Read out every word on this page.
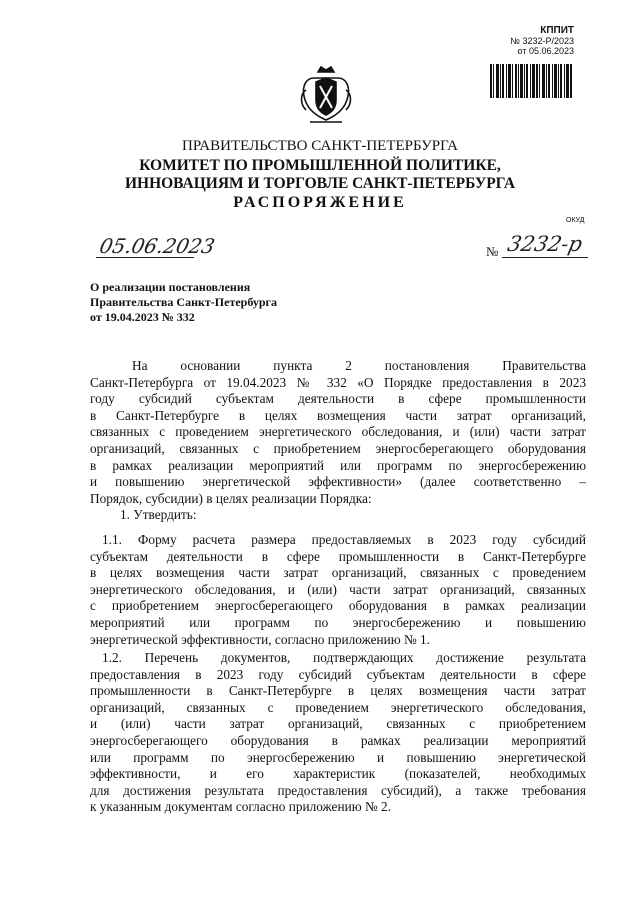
КППИТ
№ 3232-Р/2023
от 05.06.2023
ПРАВИТЕЛЬСТВО САНКТ-ПЕТЕРБУРГА
КОМИТЕТ ПО ПРОМЫШЛЕННОЙ ПОЛИТИКЕ,
ИННОВАЦИЯМ И ТОРГОВЛЕ САНКТ-ПЕТЕРБУРГА
РАСПОРЯЖЕНИЕ
ОКУД
05.06.2023	№ 3232-р
О реализации постановления
Правительства Санкт-Петербурга
от 19.04.2023 № 332
На основании пункта 2 постановления Правительства
Санкт-Петербурга от 19.04.2023 № 332 «О Порядке предоставления в 2023
году субсидий субъектам деятельности в сфере промышленности
в Санкт-Петербурге в целях возмещения части затрат организаций,
связанных с проведением энергетического обследования, и (или) части затрат
организаций, связанных с приобретением энергосберегающего оборудования
в рамках реализации мероприятий или программ по энергосбережению
и повышению энергетической эффективности» (далее соответственно –
Порядок, субсидии) в целях реализации Порядка:
1. Утвердить:
1.1. Форму расчета размера предоставляемых в 2023 году субсидий
субъектам деятельности в сфере промышленности в Санкт-Петербурге
в целях возмещения части затрат организаций, связанных с проведением
энергетического обследования, и (или) части затрат организаций, связанных
с приобретением энергосберегающего оборудования в рамках реализации
мероприятий или программ по энергосбережению и повышению
энергетической эффективности, согласно приложению № 1.
1.2. Перечень документов, подтверждающих достижение результата
предоставления в 2023 году субсидий субъектам деятельности в сфере
промышленности в Санкт-Петербурге в целях возмещения части затрат
организаций, связанных с проведением энергетического обследования,
и (или) части затрат организаций, связанных с приобретением
энергосберегающего оборудования в рамках реализации мероприятий
или программ по энергосбережению и повышению энергетической
эффективности, и его характеристик (показателей, необходимых
для достижения результата предоставления субсидий), а также требования
к указанным документам согласно приложению № 2.
